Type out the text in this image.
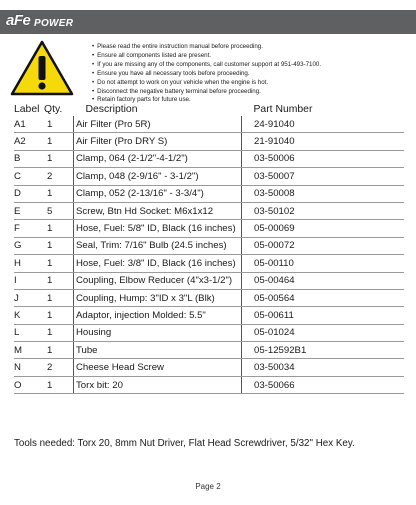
aFe POWER
• Please read the entire instruction manual before proceeding.
• Ensure all components listed are present.
• If you are missing any of the components, call customer support at 951-493-7100.
• Ensure you have all necessary tools before proceeding.
• Do not attempt to work on your vehicle when the engine is hot.
• Disconnect the negative battery terminal before proceeding.
• Retain factory parts for future use.
Label	Qty.	Description	Part Number
A1	1	Air Filter (Pro 5R)	24-91040
A2	1	Air Filter (Pro DRY S)	21-91040
B	1	Clamp, 064 (2-1/2"-4-1/2")	03-50006
C	2	Clamp, 048 (2-9/16" - 3-1/2")	03-50007
D	1	Clamp, 052 (2-13/16" - 3-3/4")	03-50008
E	5	Screw, Btn Hd Socket: M6x1x12	03-50102
F	1	Hose, Fuel: 5/8" ID, Black (16 inches)	05-00069
G	1	Seal, Trim: 7/16" Bulb (24.5 inches)	05-00072
H	1	Hose, Fuel: 3/8" ID, Black (16 inches)	05-00110
I	1	Coupling, Elbow Reducer (4"x3-1/2")	05-00464
J	1	Coupling, Hump: 3"ID x 3"L (Blk)	05-00564
K	1	Adaptor, injection Molded: 5.5"	05-00611
L	1	Housing	05-01024
M	1	Tube	05-12592B1
N	2	Cheese Head Screw	03-50034
O	1	Torx bit: 20	03-50066
Tools needed: Torx 20, 8mm Nut Driver, Flat Head Screwdriver, 5/32" Hex Key.
Page 2
